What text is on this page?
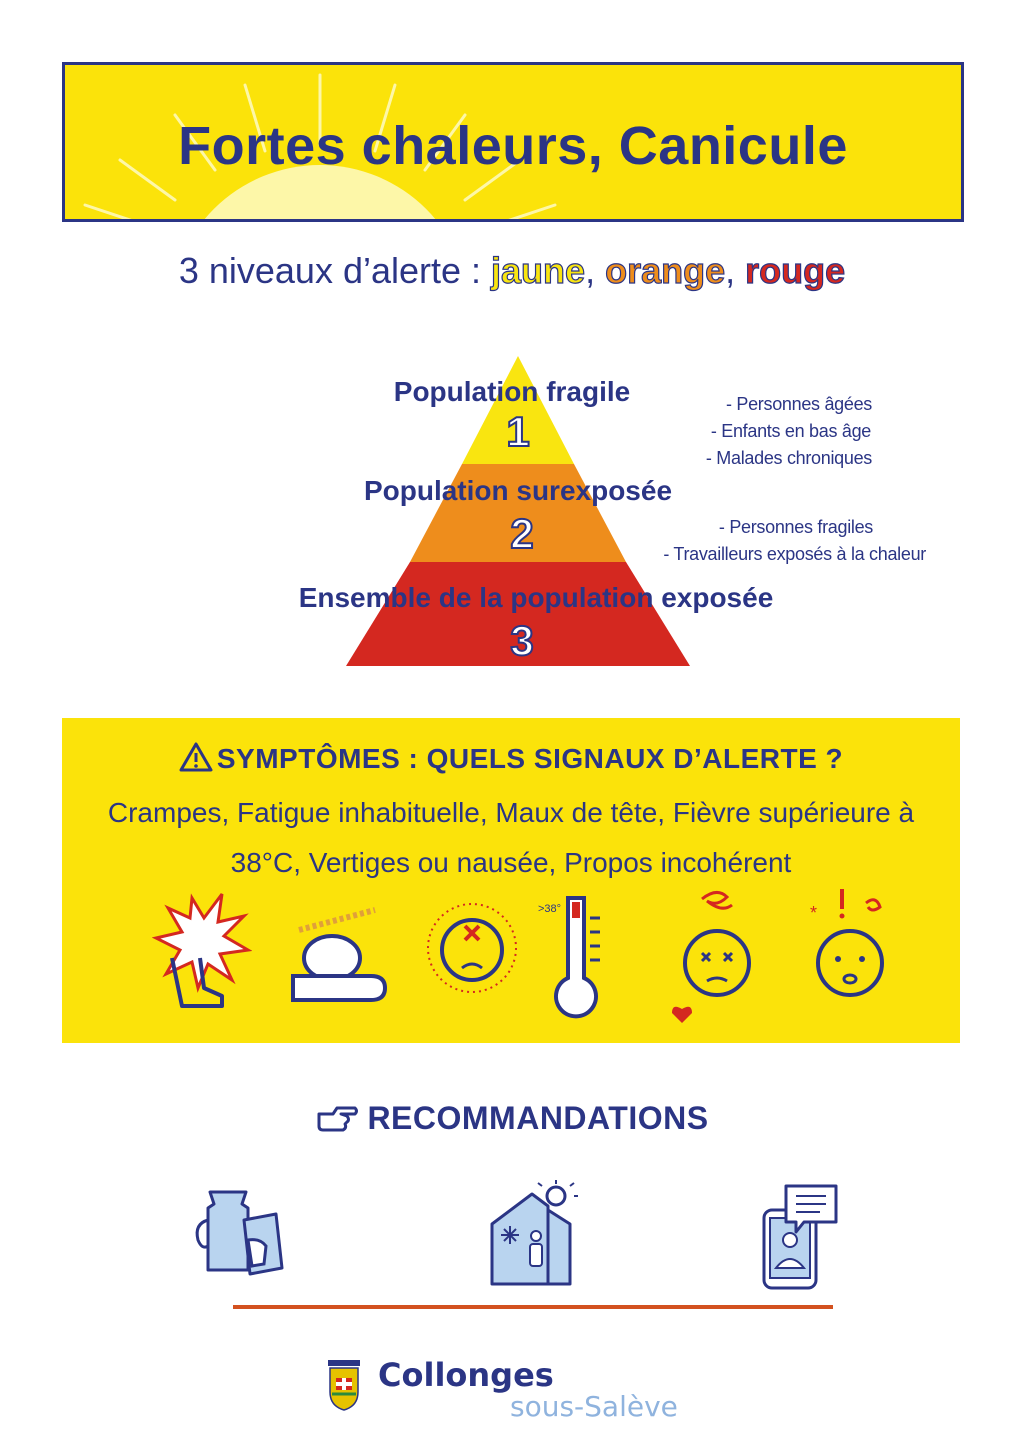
Fortes chaleurs, Canicule
3 niveaux d’alerte : jaune, orange, rouge
Population fragile
1
Population surexposée
2
Ensemble de la population exposée
3
- Personnes âgées
- Enfants en bas âge
- Malades chroniques
- Personnes fragiles
- Travailleurs exposés à la chaleur
SYMPTÔMES : QUELS SIGNAUX D’ALERTE ?
Crampes, Fatigue inhabituelle, Maux de tête, Fièvre supérieure à
38°C, Vertiges ou nausée, Propos incohérent
>38°	*
RECOMMANDATIONS
Collonges
sous-Salève
